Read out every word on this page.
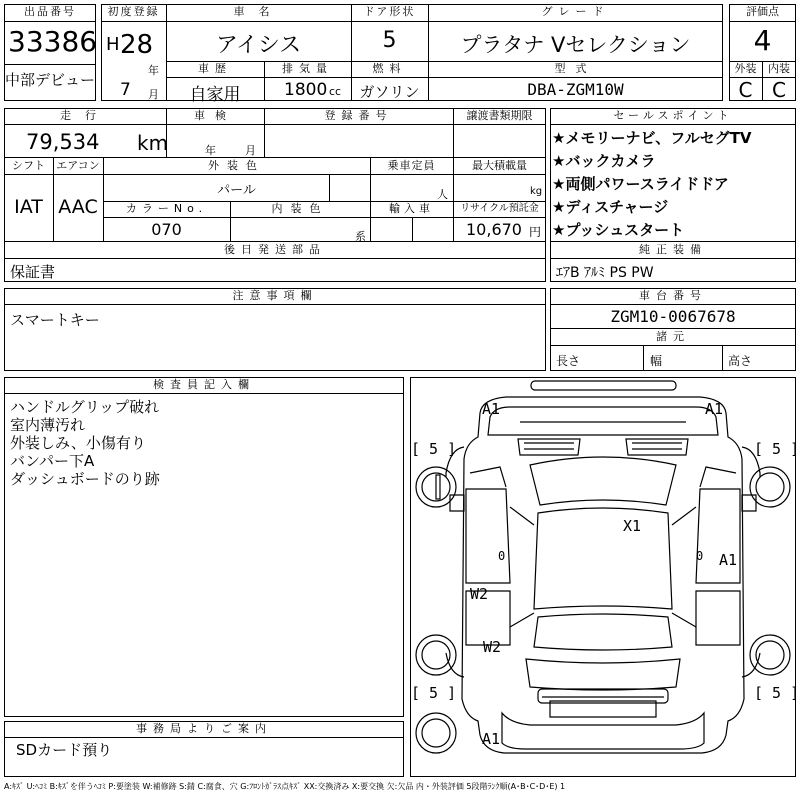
出品番号
33386
中部デビュー
初度登録
H 28
年
7 月
車名
アイシス
ドア形状
5
グレード
プラタナ Vセレクション
車歴
自家用
排気量
1800 cc
燃料
ガソリン
型式
DBA-ZGM10W
評価点
4
外装	内装
C C
走行
79,534 km
車検
年	月
登録番号	譲渡書類期限
シフト	エアコン
IAT AAC
外装色
パール
乗車定員
人
最大積載量
kg
カラーNo.
070
内装色
系
輸入車	リサイクル預託金
10,670 円
後日発送部品
保証書
セールスポイント
★メモリーナビ、フルセグTV
★バックカメラ
★両側パワースライドドア
★ディスチャージ
★プッシュスタート
純正装備
ｴｱB ｱﾙﾐ PS PW
注意事項欄
スマートキー
車台番号
ZGM10-0067678
諸元
長さ	幅	高さ
検査員記入欄
ハンドルグリップ破れ
室内薄汚れ
外装しみ、小傷有り
バンパー下A
ダッシュボードのり跡
事務局よりご案内
SDカード預り
[ 5 ]	[ 5 ]
[ 5 ]	[ 5 ]
A1	A1
X1
A1
W2
W2
A1
0	0
A:ｷｽﾞ U:ﾍｺﾐ B:ｷｽﾞを伴うﾍｺﾐ P:要塗装 W:補修跡 S:錆 C:腐食、穴 G:ﾌﾛﾝﾄｶﾞﾗｽ点ｷｽﾞ XX:交換済み X:要交換 欠:欠品 内・外装評価 5段階ﾗﾝｸ順(A･B･C･D･E) 1
